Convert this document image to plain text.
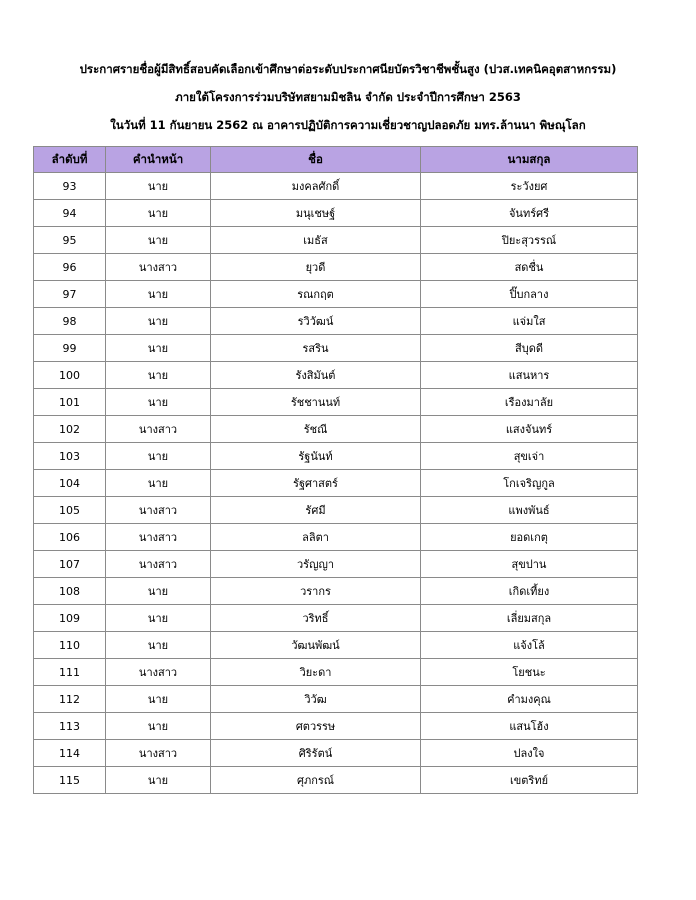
ประกาศรายชื่อผู้มีสิทธิ์สอบคัดเลือกเข้าศึกษาต่อระดับประกาศนียบัตรวิชาชีพชั้นสูง (ปวส.เทคนิคอุตสาหกรรม)
ภายใต้โครงการร่วมบริษัทสยามมิชลิน จำกัด ประจำปีการศึกษา 2563
ในวันที่ 11 กันยายน 2562 ณ อาคารปฏิบัติการความเชี่ยวชาญปลอดภัย มทร.ล้านนา พิษณุโลก
ลำดับที่	คำนำหน้า	ชื่อ	นามสกุล
93	นาย	มงคลศักดิ์	ระวังยศ
94	นาย	มนุเชษฐ์	จันทร์ศรี
95	นาย	เมธัส	ปิยะสุวรรณ์
96	นางสาว	ยุวดี	สดชื่น
97	นาย	รณกฤต	ปิ๊บกลาง
98	นาย	รวิวัฒน์	แจ่มใส
99	นาย	รสริน	สีบุดดี
100	นาย	รังสิมันต์	แสนหาร
101	นาย	รัชชานนท์	เรืองมาลัย
102	นางสาว	รัชณี	แสงจันทร์
103	นาย	รัฐนันท์	สุขเจ่า
104	นาย	รัฐศาสตร์	โกเจริญกูล
105	นางสาว	รัศมี	แพงพันธ์
106	นางสาว	ลลิตา	ยอดเกตุ
107	นางสาว	วรัญญา	สุขปาน
108	นาย	วรากร	เกิดเที้ยง
109	นาย	วริทธิ์	เลี่ยมสกุล
110	นาย	วัฒนพัฒน์	แจ้งโล้
111	นางสาว	วิยะดา	โยชนะ
112	นาย	วิวัฒ	คำมงคุณ
113	นาย	ศตวรรษ	แสนโฮ้ง
114	นางสาว	ศิริรัตน์	ปลงใจ
115	นาย	ศุภกรณ์	เขตริทย์
